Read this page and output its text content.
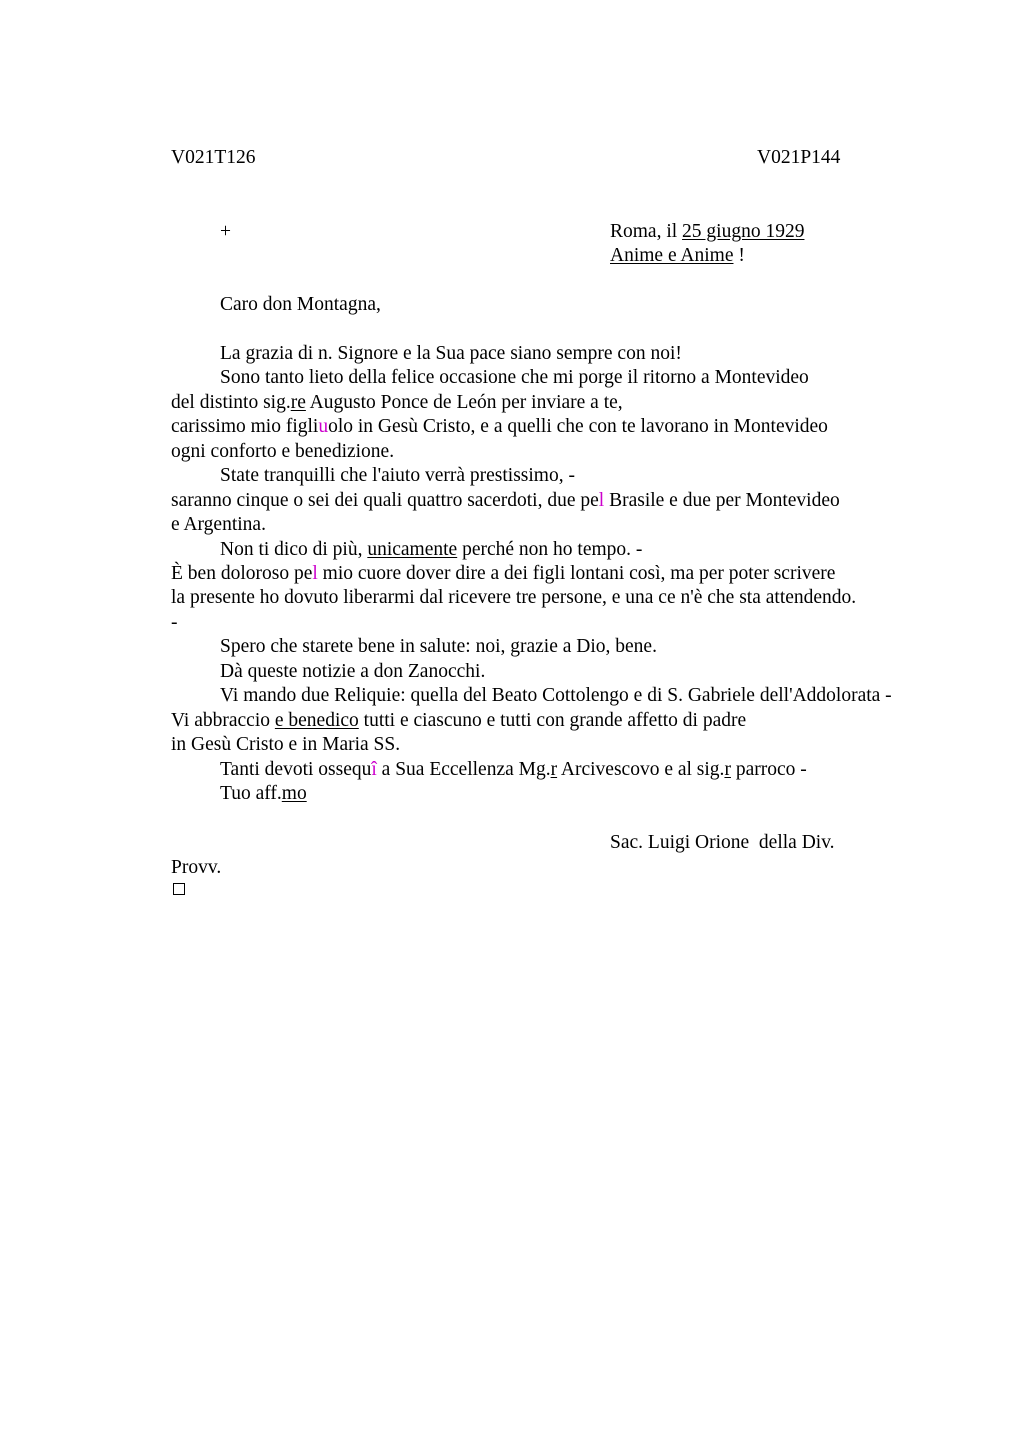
V021T126	V021P144
+	Roma, il 25 giugno 1929
Anime e Anime !
Caro don Montagna,
La grazia di n. Signore e la Sua pace siano sempre con noi!
Sono tanto lieto della felice occasione che mi porge il ritorno a Montevideo
del distinto sig.re Augusto Ponce de León per inviare a te,
carissimo mio figliuolo in Gesù Cristo, e a quelli che con te lavorano in Montevideo
ogni conforto e benedizione.
State tranquilli che l'aiuto verrà prestissimo, -
saranno cinque o sei dei quali quattro sacerdoti, due pel Brasile e due per Montevideo
e Argentina.
Non ti dico di più, unicamente perché non ho tempo. -
È ben doloroso pel mio cuore dover dire a dei figli lontani così, ma per poter scrivere
la presente ho dovuto liberarmi dal ricevere tre persone, e una ce n'è che sta attendendo.
-
Spero che starete bene in salute: noi, grazie a Dio, bene.
Dà queste notizie a don Zanocchi.
Vi mando due Reliquie: quella del Beato Cottolengo e di S. Gabriele dell'Addolorata -
Vi abbraccio e benedico tutti e ciascuno e tutti con grande affetto di padre
in Gesù Cristo e in Maria SS.
Tanti devoti ossequî a Sua Eccellenza Mg.r Arcivescovo e al sig.r parroco -
Tuo aff.mo
Sac. Luigi Orione  della Div.
Provv.
